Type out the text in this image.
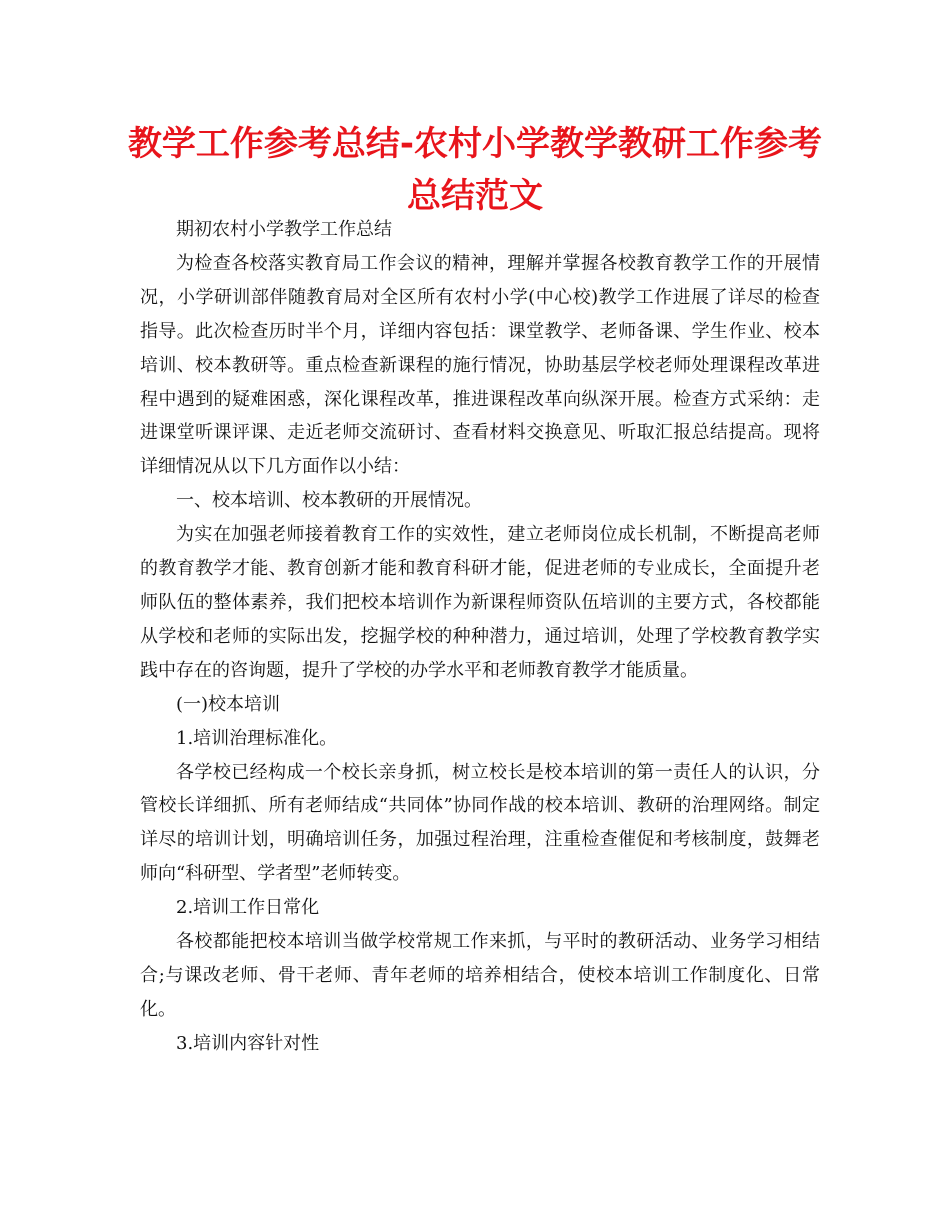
教学工作参考总结-农村小学教学教研工作参考总结范文

期初农村小学教学工作总结

为检查各校落实教育局工作会议的精神，理解并掌握各校教育教学工作的开展情况，小学研训部伴随教育局对全区所有农村小学(中心校)教学工作进展了详尽的检查指导。此次检查历时半个月，详细内容包括：课堂教学、老师备课、学生作业、校本培训、校本教研等。重点检查新课程的施行情况，协助基层学校老师处理课程改革进程中遇到的疑难困惑，深化课程改革，推进课程改革向纵深开展。检查方式采纳：走进课堂听课评课、走近老师交流研讨、查看材料交换意见、听取汇报总结提高。现将详细情况从以下几方面作以小结：

一、校本培训、校本教研的开展情况。

为实在加强老师接着教育工作的实效性，建立老师岗位成长机制，不断提高老师的教育教学才能、教育创新才能和教育科研才能，促进老师的专业成长，全面提升老师队伍的整体素养，我们把校本培训作为新课程师资队伍培训的主要方式，各校都能从学校和老师的实际出发，挖掘学校的种种潜力，通过培训，处理了学校教育教学实践中存在的咨询题，提升了学校的办学水平和老师教育教学才能质量。

(一)校本培训

1.培训治理标准化。

各学校已经构成一个校长亲身抓，树立校长是校本培训的第一责任人的认识，分管校长详细抓、所有老师结成“共同体”协同作战的校本培训、教研的治理网络。制定详尽的培训计划，明确培训任务，加强过程治理，注重检查催促和考核制度，鼓舞老师向“科研型、学者型”老师转变。

2.培训工作日常化

各校都能把校本培训当做学校常规工作来抓，与平时的教研活动、业务学习相结合;与课改老师、骨干老师、青年老师的培养相结合，使校本培训工作制度化、日常化。

3.培训内容针对性
